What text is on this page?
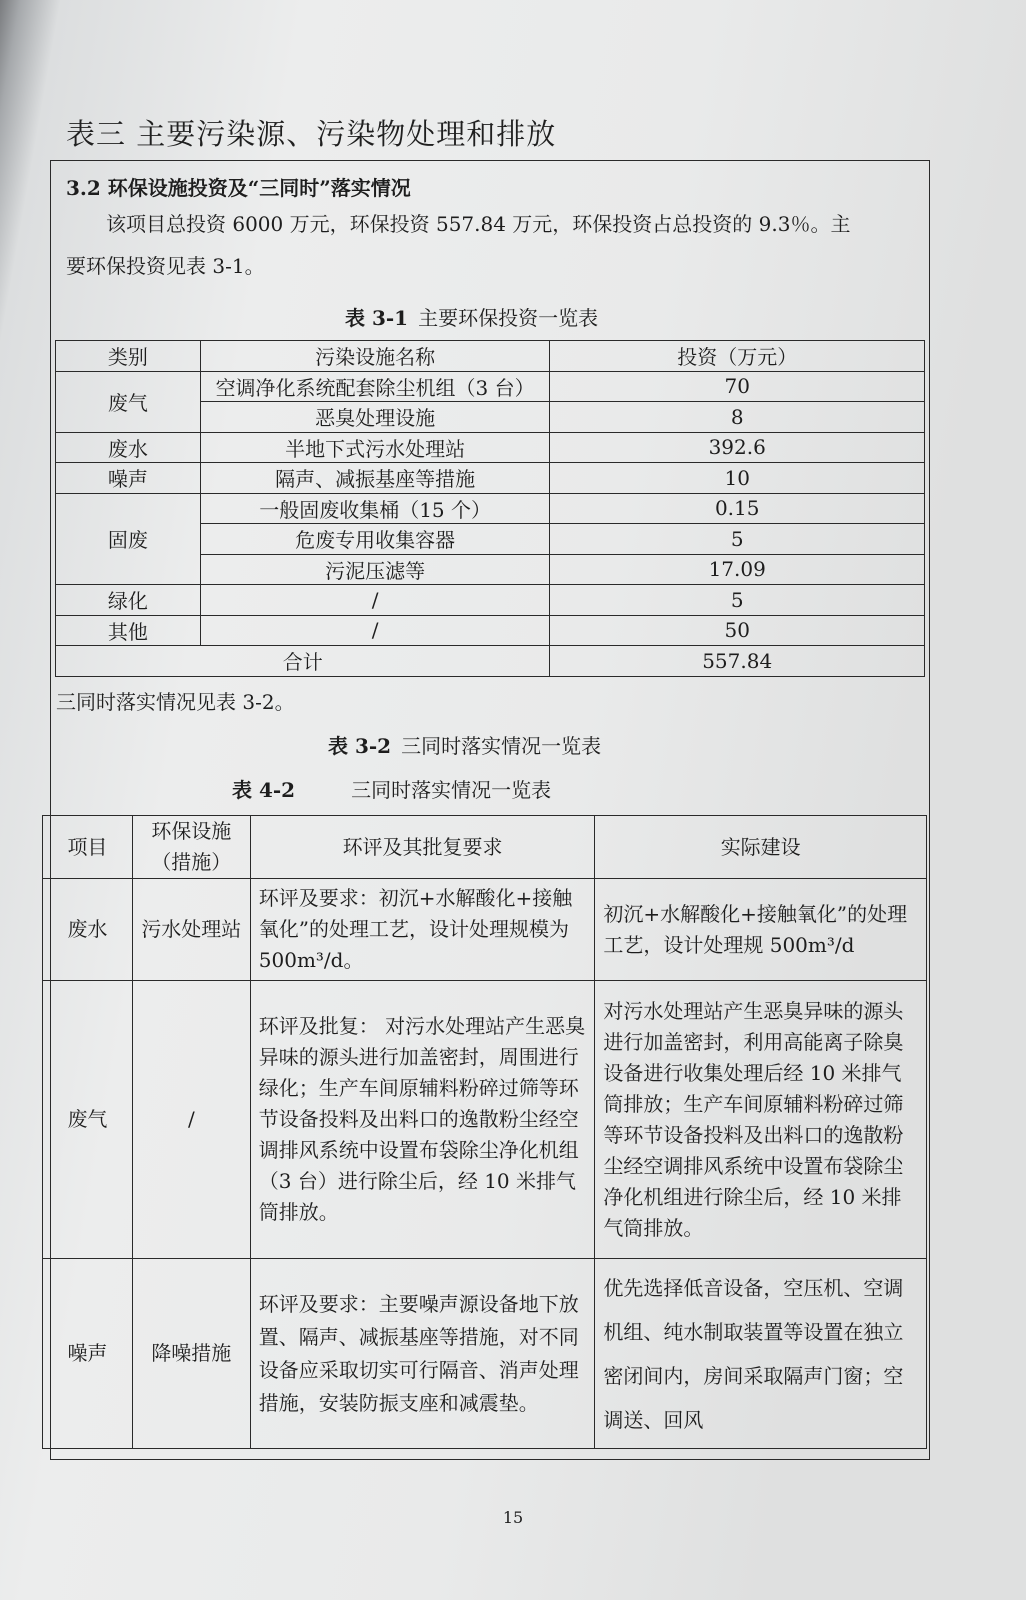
表三 主要污染源、污染物处理和排放
3.2 环保设施投资及“三同时”落实情况
该项目总投资 6000 万元，环保投资 557.84 万元，环保投资占总投资的 9.3％。主
要环保投资见表 3-1。
表 3-1 主要环保投资一览表
类别	污染设施名称	投资（万元）
废气	空调净化系统配套除尘机组（3 台）	70
	恶臭处理设施	8
废水	半地下式污水处理站	392.6
噪声	隔声、减振基座等措施	10
固废	一般固废收集桶（15 个）	0.15
	危废专用收集容器	5
	污泥压滤等	17.09
绿化	/	5
其他	/	50
合计		557.84
三同时落实情况见表 3-2。
表 3-2 三同时落实情况一览表
表 4-2	三同时落实情况一览表
项目	环保设施（措施）	环评及其批复要求	实际建设
废水	污水处理站	环评及要求：初沉+水解酸化+接触氧化”的处理工艺，设计处理规模为500m³/d。	初沉+水解酸化+接触氧化”的处理工艺，设计处理规 500m³/d
废气	/	环评及批复： 对污水处理站产生恶臭异味的源头进行加盖密封，周围进行绿化；生产车间原辅料粉碎过筛等环节设备投料及出料口的逸散粉尘经空调排风系统中设置布袋除尘净化机组（3 台）进行除尘后，经 10 米排气筒排放。	对污水处理站产生恶臭异味的源头进行加盖密封，利用高能离子除臭设备进行收集处理后经 10 米排气筒排放；生产车间原辅料粉碎过筛等环节设备投料及出料口的逸散粉尘经空调排风系统中设置布袋除尘净化机组进行除尘后，经 10 米排气筒排放。
噪声	降噪措施	环评及要求：主要噪声源设备地下放置、隔声、减振基座等措施，对不同设备应采取切实可行隔音、消声处理措施，安装防振支座和减震垫。	优先选择低音设备，空压机、空调机组、纯水制取装置等设置在独立密闭间内，房间采取隔声门窗；空调送、回风
15
